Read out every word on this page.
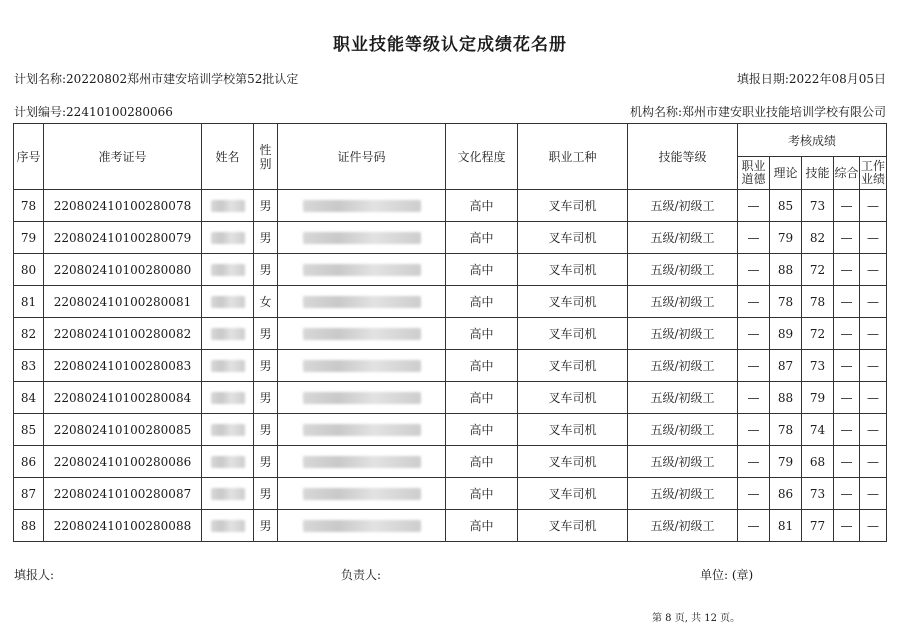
职业技能等级认定成绩花名册
计划名称:20220802郑州市建安培训学校第52批认定	填报日期:2022年08月05日
计划编号:22410100280066	机构名称:郑州市建安职业技能培训学校有限公司
序号	准考证号	姓名	性别	证件号码	文化程度	职业工种	技能等级	考核成绩				
								职业道德	理论	技能	综合	工作业绩
78	220802410100280078		男		高中	叉车司机	五级/初级工	—	85	73	—	—
79	220802410100280079		男		高中	叉车司机	五级/初级工	—	79	82	—	—
80	220802410100280080		男		高中	叉车司机	五级/初级工	—	88	72	—	—
81	220802410100280081		女		高中	叉车司机	五级/初级工	—	78	78	—	—
82	220802410100280082		男		高中	叉车司机	五级/初级工	—	89	72	—	—
83	220802410100280083		男		高中	叉车司机	五级/初级工	—	87	73	—	—
84	220802410100280084		男		高中	叉车司机	五级/初级工	—	88	79	—	—
85	220802410100280085		男		高中	叉车司机	五级/初级工	—	78	74	—	—
86	220802410100280086		男		高中	叉车司机	五级/初级工	—	79	68	—	—
87	220802410100280087		男		高中	叉车司机	五级/初级工	—	86	73	—	—
88	220802410100280088		男		高中	叉车司机	五级/初级工	—	81	77	—	—
填报人:	负责人:	单位: (章)
第 8 页, 共 12 页。
